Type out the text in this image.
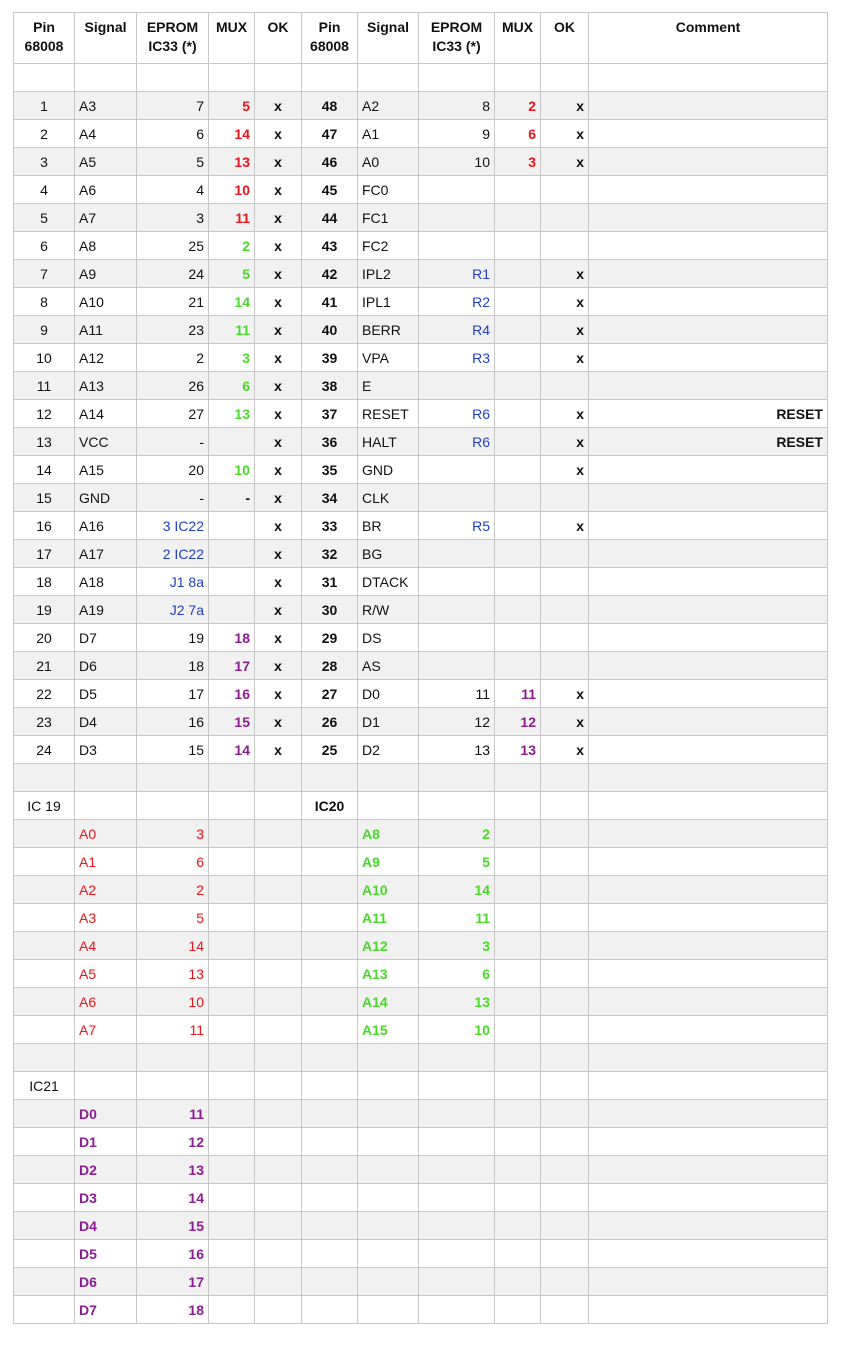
Pin 68008	Signal	EPROM IC33 (*)	MUX	OK	Pin 68008	Signal	EPROM IC33 (*)	MUX	OK	Comment

1	A3	7	5	x	48	A2	8	2	x	
2	A4	6	14	x	47	A1	9	6	x	
3	A5	5	13	x	46	A0	10	3	x	
4	A6	4	10	x	45	FC0				
5	A7	3	11	x	44	FC1				
6	A8	25	2	x	43	FC2				
7	A9	24	5	x	42	IPL2	R1		x	
8	A10	21	14	x	41	IPL1	R2		x	
9	A11	23	11	x	40	BERR	R4		x	
10	A12	2	3	x	39	VPA	R3		x	
11	A13	26	6	x	38	E				
12	A14	27	13	x	37	RESET	R6		x	RESET
13	VCC	-		x	36	HALT	R6		x	RESET
14	A15	20	10	x	35	GND			x	
15	GND	-	-	x	34	CLK				
16	A16	3 IC22		x	33	BR	R5		x	
17	A17	2 IC22		x	32	BG				
18	A18	J1 8a		x	31	DTACK				
19	A19	J2 7a		x	30	R/W				
20	D7	19	18	x	29	DS				
21	D6	18	17	x	28	AS				
22	D5	17	16	x	27	D0	11	11	x	
23	D4	16	15	x	26	D1	12	12	x	
24	D3	15	14	x	25	D2	13	13	x	

IC 19					IC20					
	A0	3				A8	2			
	A1	6				A9	5			
	A2	2				A10	14			
	A3	5				A11	11			
	A4	14				A12	3			
	A5	13				A13	6			
	A6	10				A14	13			
	A7	11				A15	10			

IC21										
	D0	11								
	D1	12								
	D2	13								
	D3	14								
	D4	15								
	D5	16								
	D6	17								
	D7	18								
